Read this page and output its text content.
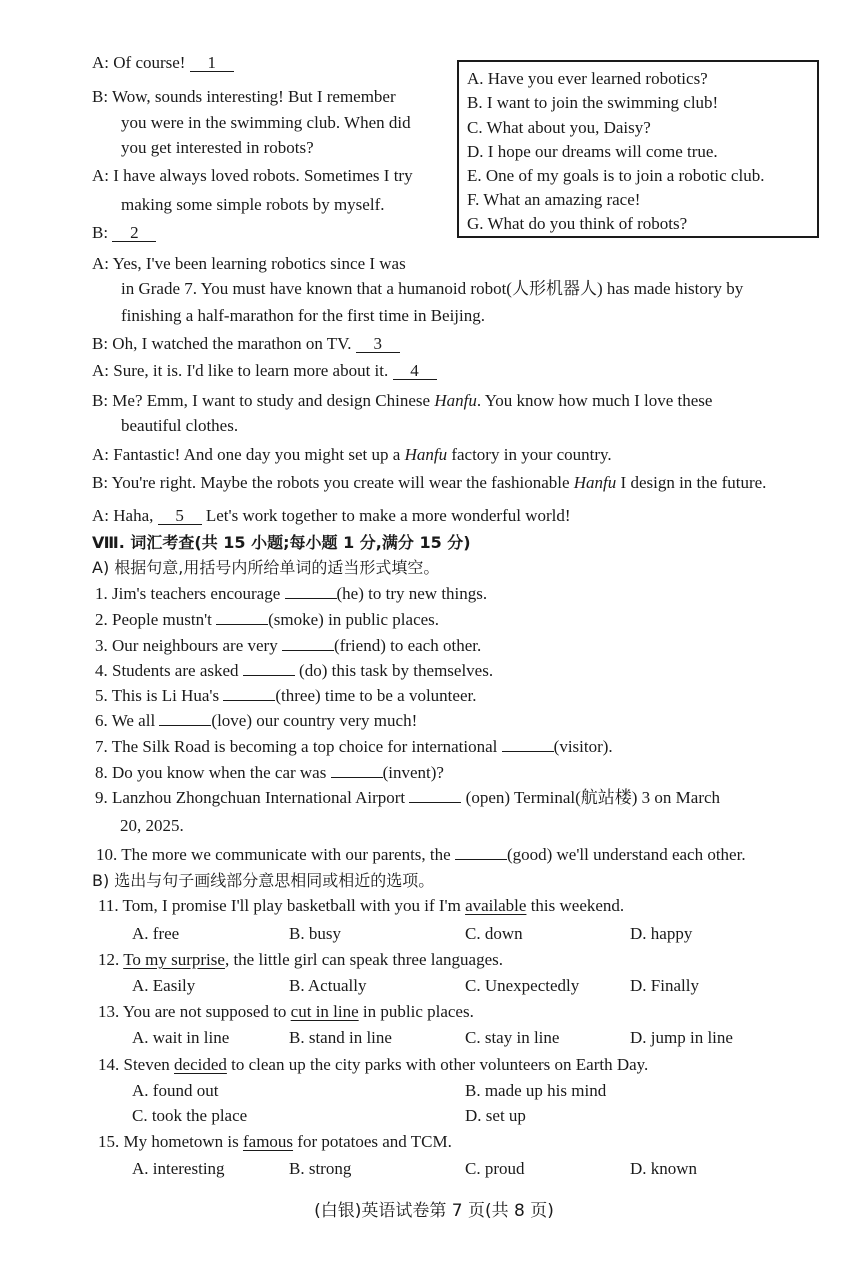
A: Of course! 1
B: Wow, sounds interesting! But I remember
you were in the swimming club. When did
you get interested in robots?
A: I have always loved robots. Sometimes I try
making some simple robots by myself.
B: 2
A. Have you ever learned robotics?
B. I want to join the swimming club!
C. What about you, Daisy?
D. I hope our dreams will come true.
E. One of my goals is to join a robotic club.
F. What an amazing race!
G. What do you think of robots?
A: Yes, I've been learning robotics since I was
in Grade 7. You must have known that a humanoid robot(人形机器人) has made history by
finishing a half-marathon for the first time in Beijing.
B: Oh, I watched the marathon on TV. 3
A: Sure, it is. I'd like to learn more about it. 4
B: Me? Emm, I want to study and design Chinese Hanfu. You know how much I love these
beautiful clothes.
A: Fantastic! And one day you might set up a Hanfu factory in your country.
B: You're right. Maybe the robots you create will wear the fashionable Hanfu I design in the future.
A: Haha, 5 Let's work together to make a more wonderful world!
Ⅷ. 词汇考查(共 15 小题;每小题 1 分,满分 15 分)
A) 根据句意,用括号内所给单词的适当形式填空。
1. Jim's teachers encourage	(he) to try new things.
2. People mustn't	(smoke) in public places.
3. Our neighbours are very	(friend) to each other.
4. Students are asked	(do) this task by themselves.
5. This is Li Hua's	(three) time to be a volunteer.
6. We all	(love) our country very much!
7. The Silk Road is becoming a top choice for international	(visitor).
8. Do you know when the car was	(invent)?
9. Lanzhou Zhongchuan International Airport	(open) Terminal(航站楼) 3 on March
20, 2025.
10. The more we communicate with our parents, the	(good) we'll understand each other.
B) 选出与句子画线部分意思相同或相近的选项。
11. Tom, I promise I'll play basketball with you if I'm available this weekend.
A. free	B. busy	C. down	D. happy
12. To my surprise, the little girl can speak three languages.
A. Easily	B. Actually	C. Unexpectedly	D. Finally
13. You are not supposed to cut in line in public places.
A. wait in line	B. stand in line	C. stay in line	D. jump in line
14. Steven decided to clean up the city parks with other volunteers on Earth Day.
A. found out	B. made up his mind
C. took the place	D. set up
15. My hometown is famous for potatoes and TCM.
A. interesting	B. strong	C. proud	D. known
(白银)英语试卷第 7 页(共 8 页)
